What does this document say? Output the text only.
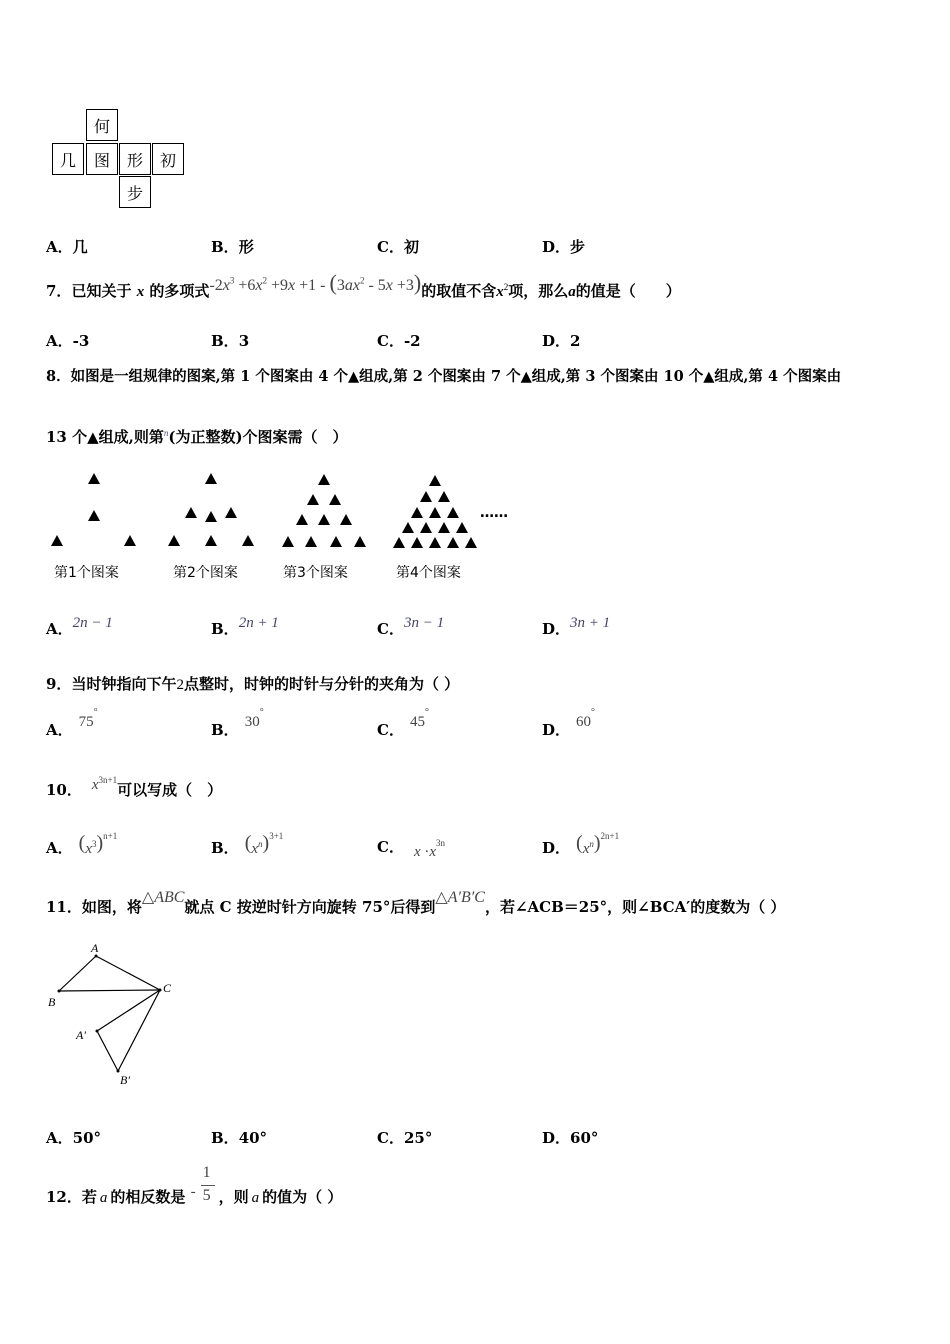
何
几	图	形	初
步
A．几	B．形	C．初	D．步
7．已知关于 x 的多项式$-2x^3 +6x^2 +9x +1 - (3ax^2 - 5x +3)$的取值不含$x^2$项，那么a的值是（　　）
A．-3	B．3	C．-2	D．2
8．如图是一组规律的图案,第 1 个图案由 4 个▲组成,第 2 个图案由 7 个▲组成,第 3 个图案由 10 个▲组成,第 4 个图案由
13 个▲组成,则第$^n$(为正整数)个图案需（　）
……
第1个图案	第2个图案	第3个图案	第4个图案
A．2n − 1	B．2n + 1	C．3n − 1	D．3n + 1
9．当时钟指向下午2点整时，时钟的时针与分针的夹角为（ ）
A． 75°
B． 30°
C． 45°
D． 60°
10． $x^{3n+1}$可以写成（　）
A． $(x^3)^{n+1}$
B． $(x^n)^{3+1}$
C． $x \cdot x^{3n}$	D． $(x^n)^{2n+1}$
11．如图，将△ABC就点 C 按逆时针方向旋转 75°后得到△A′B′C，若∠ACB＝25°，则∠BCA′的度数为（ ）
A
B
C
A′
B′
A．50°	B．40°	C．25°	D．60°
12．若 a 的相反数是 -
1
5 ，则 a 的值为（ ）
